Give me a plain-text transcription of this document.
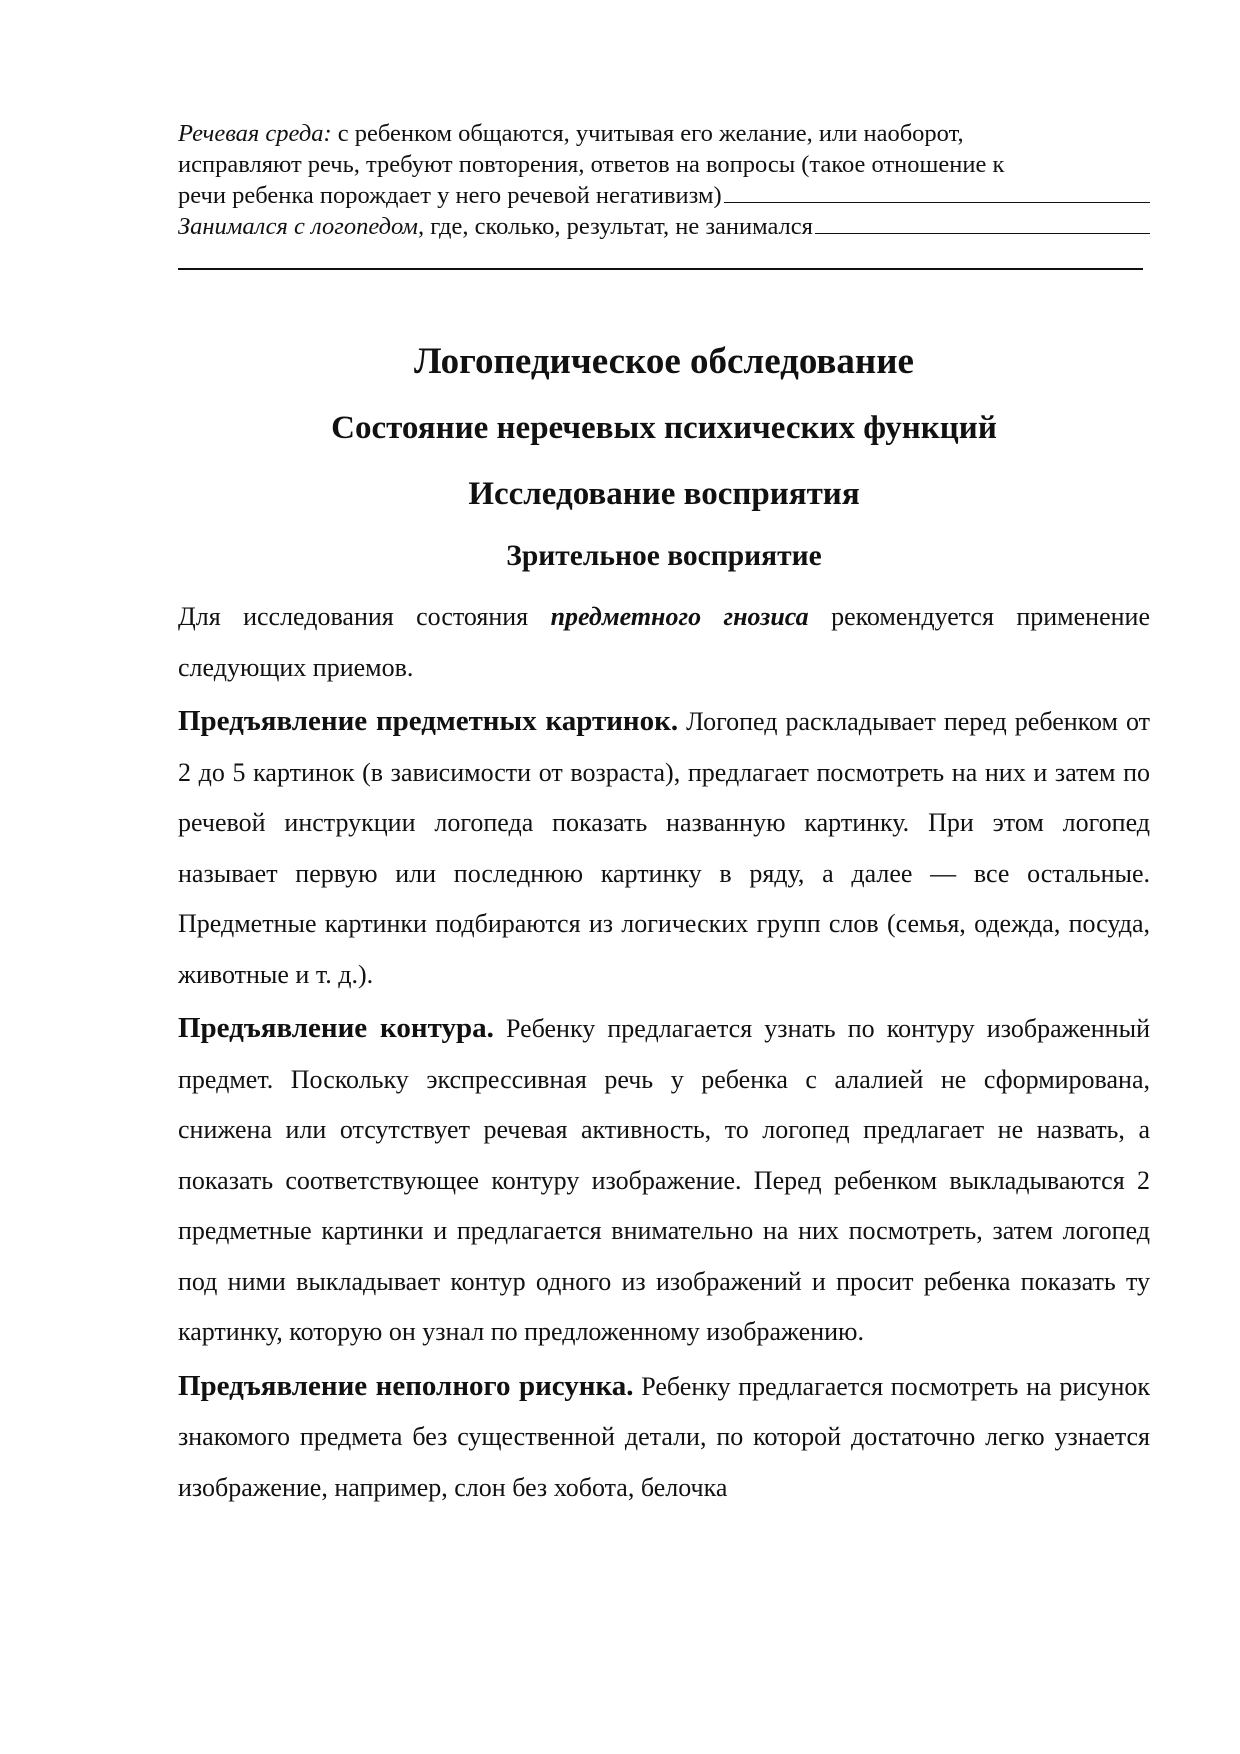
Речевая среда: с ребенком общаются, учитывая его желание, или наоборот,
исправляют речь, требуют повторения, ответов на вопросы (такое отношение к
речи ребенка порождает у него речевой негативизм)
Занимался с логопедом, где, сколько, результат, не занимался
Логопедическое обследование
Состояние неречевых психических функций
Исследование восприятия
Зрительное восприятие

Для исследования состояния предметного гнозиса рекомендуется применение следующих приемов.

Предъявление предметных картинок. Логопед раскладывает перед ребенком от 2 до 5 картинок (в зависимости от возраста), предлагает посмотреть на них и затем по речевой инструкции логопеда показать названную картинку. При этом логопед называет первую или последнюю картинку в ряду, а далее — все остальные. Предметные картинки подбираются из логических групп слов (семья, одежда, посуда, животные и т. д.).

Предъявление контура. Ребенку предлагается узнать по контуру изображенный предмет. Поскольку экспрессивная речь у ребенка с алалией не сформирована, снижена или отсутствует речевая активность, то логопед предлагает не назвать, а показать соответствующее контуру изображение. Перед ребенком выкладываются 2 предметные картинки и предлагается внимательно на них посмотреть, затем логопед под ними выкладывает контур одного из изображений и просит ребенка показать ту картинку, которую он узнал по предложенному изображению.

Предъявление неполного рисунка. Ребенку предлагается посмотреть на рисунок знакомого предмета без существенной детали, по которой достаточно легко узнается изображение, например, слон без хобота, белочка
